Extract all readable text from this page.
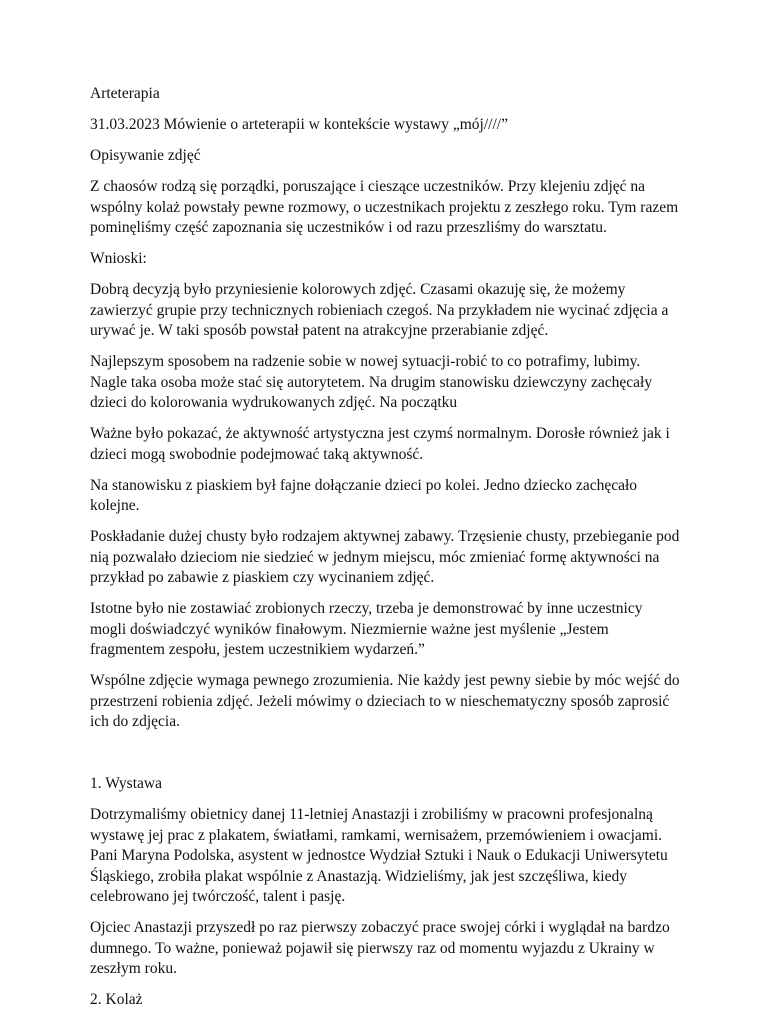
Arteterapia

31.03.2023 Mówienie o arteterapii w kontekście wystawy „mój////”

Opisywanie zdjęć

Z chaosów rodzą się porządki, poruszające i cieszące uczestników. Przy klejeniu zdjęć na wspólny kolaż powstały pewne rozmowy, o uczestnikach projektu z zeszłego roku. Tym razem pominęliśmy część zapoznania się uczestników i od razu przeszliśmy do warsztatu.

Wnioski:

Dobrą decyzją było przyniesienie kolorowych zdjęć. Czasami okazuję się, że możemy zawierzyć grupie przy technicznych robieniach czegoś. Na przykładem nie wycinać zdjęcia a urywać je. W taki sposób powstał patent na atrakcyjne przerabianie zdjęć.

Najlepszym sposobem na radzenie sobie w nowej sytuacji-robić to co potrafimy, lubimy. Nagle taka osoba może stać się autorytetem. Na drugim stanowisku dziewczyny zachęcały dzieci do kolorowania wydrukowanych zdjęć. Na początku

Ważne było pokazać, że aktywność artystyczna jest czymś normalnym. Dorosłe również jak i dzieci mogą swobodnie podejmować taką aktywność.

Na stanowisku z piaskiem był fajne dołączanie dzieci po kolei. Jedno dziecko zachęcało kolejne.

Poskładanie dużej chusty było rodzajem aktywnej zabawy. Trzęsienie chusty, przebieganie pod nią pozwalało dzieciom nie siedzieć w jednym miejscu, móc zmieniać formę aktywności na przykład po zabawie z piaskiem czy wycinaniem zdjęć.

Istotne było nie zostawiać zrobionych rzeczy, trzeba je demonstrować by inne uczestnicy mogli doświadczyć wyników finałowym. Niezmiernie ważne jest myślenie „Jestem fragmentem zespołu, jestem uczestnikiem wydarzeń.”

Wspólne zdjęcie wymaga pewnego zrozumienia. Nie każdy jest pewny siebie by móc wejść do przestrzeni robienia zdjęć. Jeżeli mówimy o dzieciach to w nieschematyczny sposób zaprosić ich do zdjęcia.

1. Wystawa

Dotrzymaliśmy obietnicy danej 11-letniej Anastazji i zrobiliśmy w pracowni profesjonalną wystawę jej prac z plakatem, światłami, ramkami, wernisażem, przemówieniem i owacjami. Pani Maryna Podolska, asystent w jednostce Wydział Sztuki i Nauk o Edukacji Uniwersytetu Śląskiego, zrobiła plakat wspólnie z Anastazją. Widzieliśmy, jak jest szczęśliwa, kiedy celebrowano jej twórczość, talent i pasję.

Ojciec Anastazji przyszedł po raz pierwszy zobaczyć prace swojej córki i wyglądał na bardzo dumnego. To ważne, ponieważ pojawił się pierwszy raz od momentu wyjazdu z Ukrainy w zeszłym roku.

2. Kolaż
